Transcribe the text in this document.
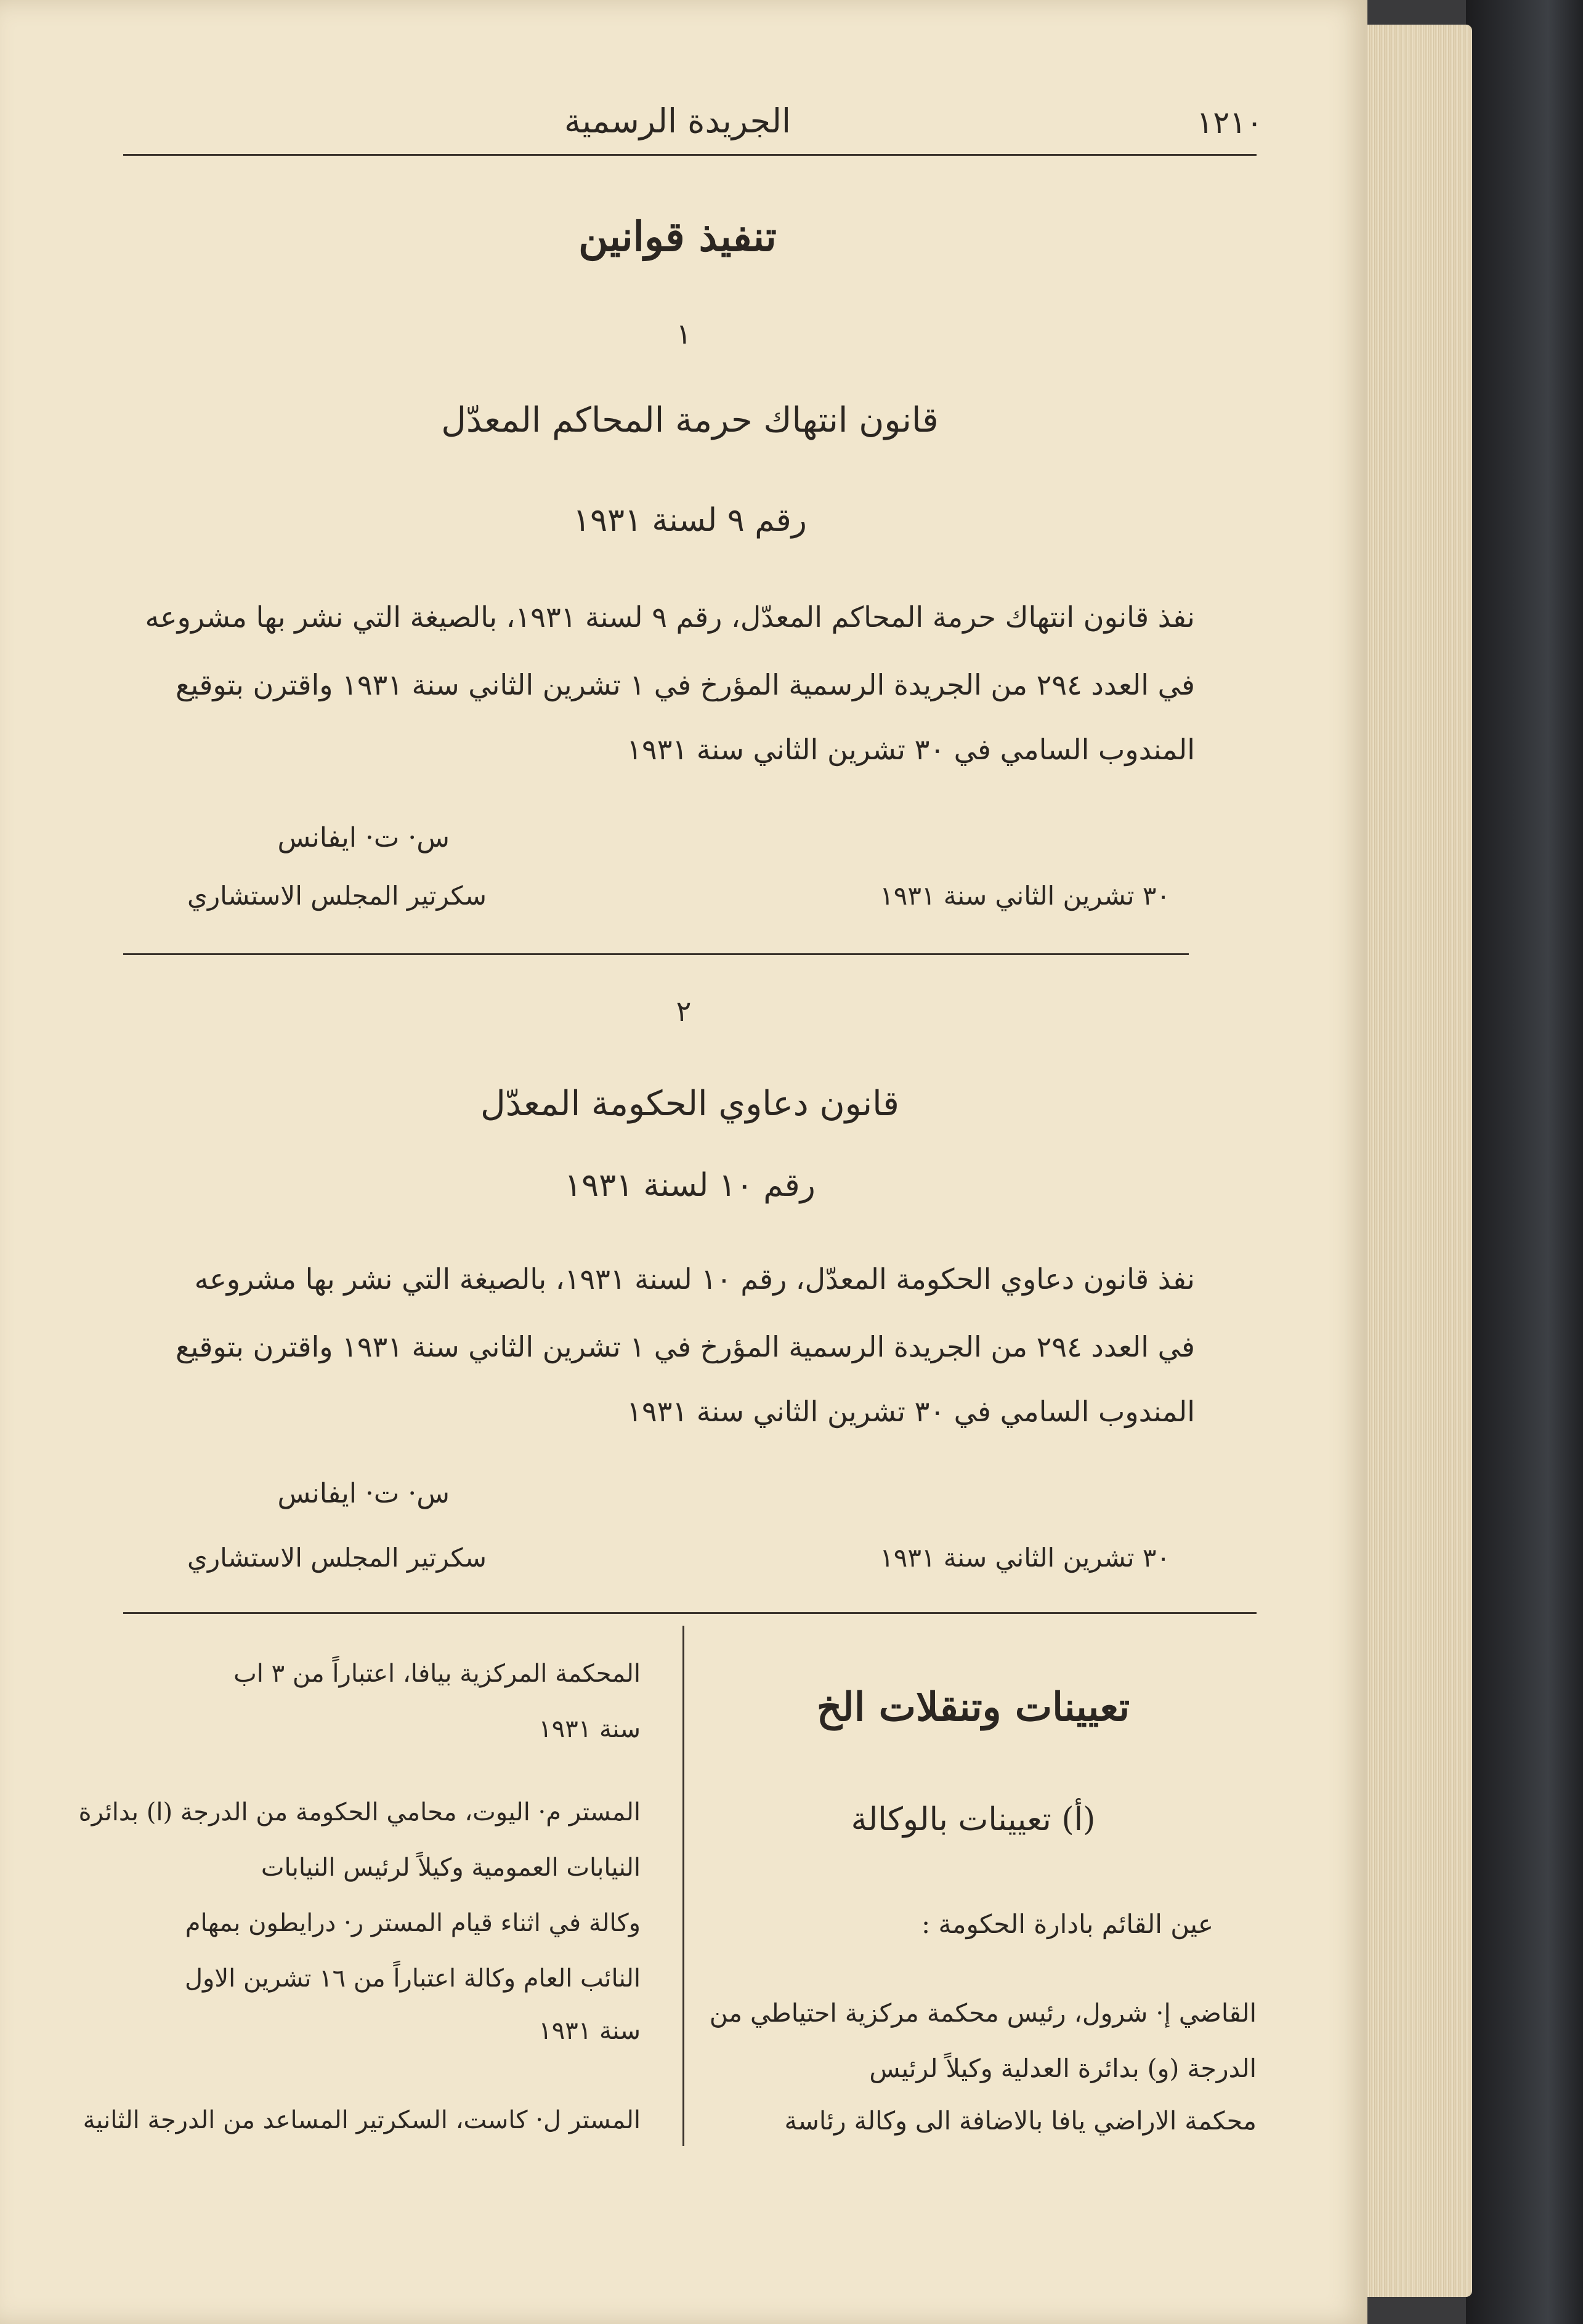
١٢١٠
الجريدة الرسمية
تنفيذ قوانين
١
قانون انتهاك حرمة المحاكم المعدّل
رقم ٩ لسنة ١٩٣١
نفذ قانون انتهاك حرمة المحاكم المعدّل، رقم ٩ لسنة ١٩٣١، بالصيغة التي نشر بها مشروعه
في العدد ٢٩٤ من الجريدة الرسمية المؤرخ في ١ تشرين الثاني سنة ١٩٣١ واقترن بتوقيع
المندوب السامي في ٣٠ تشرين الثاني سنة ١٩٣١
س· ت· ايفانس
سكرتير المجلس الاستشاري	٣٠ تشرين الثاني سنة ١٩٣١
٢
قانون دعاوي الحكومة المعدّل
رقم ١٠ لسنة ١٩٣١
نفذ قانون دعاوي الحكومة المعدّل، رقم ١٠ لسنة ١٩٣١، بالصيغة التي نشر بها مشروعه
في العدد ٢٩٤ من الجريدة الرسمية المؤرخ في ١ تشرين الثاني سنة ١٩٣١ واقترن بتوقيع
المندوب السامي في ٣٠ تشرين الثاني سنة ١٩٣١
س· ت· ايفانس
سكرتير المجلس الاستشاري	٣٠ تشرين الثاني سنة ١٩٣١
تعيينات وتنقلات الخ
(أ) تعيينات بالوكالة
عين القائم بادارة الحكومة :
القاضي إ· شرول، رئيس محكمة مركزية احتياطي من
الدرجة (و) بدائرة العدلية وكيلاً لرئيس
محكمة الاراضي يافا بالاضافة الى وكالة رئاسة
المحكمة المركزية بيافا، اعتباراً من ٣ اب
سنة ١٩٣١
المستر م· اليوت، محامي الحكومة من الدرجة (ا) بدائرة
النيابات العمومية وكيلاً لرئيس النيابات
وكالة في اثناء قيام المستر ر· درايطون بمهام
النائب العام وكالة اعتباراً من ١٦ تشرين الاول
سنة ١٩٣١
المستر ل· كاست، السكرتير المساعد من الدرجة الثانية
